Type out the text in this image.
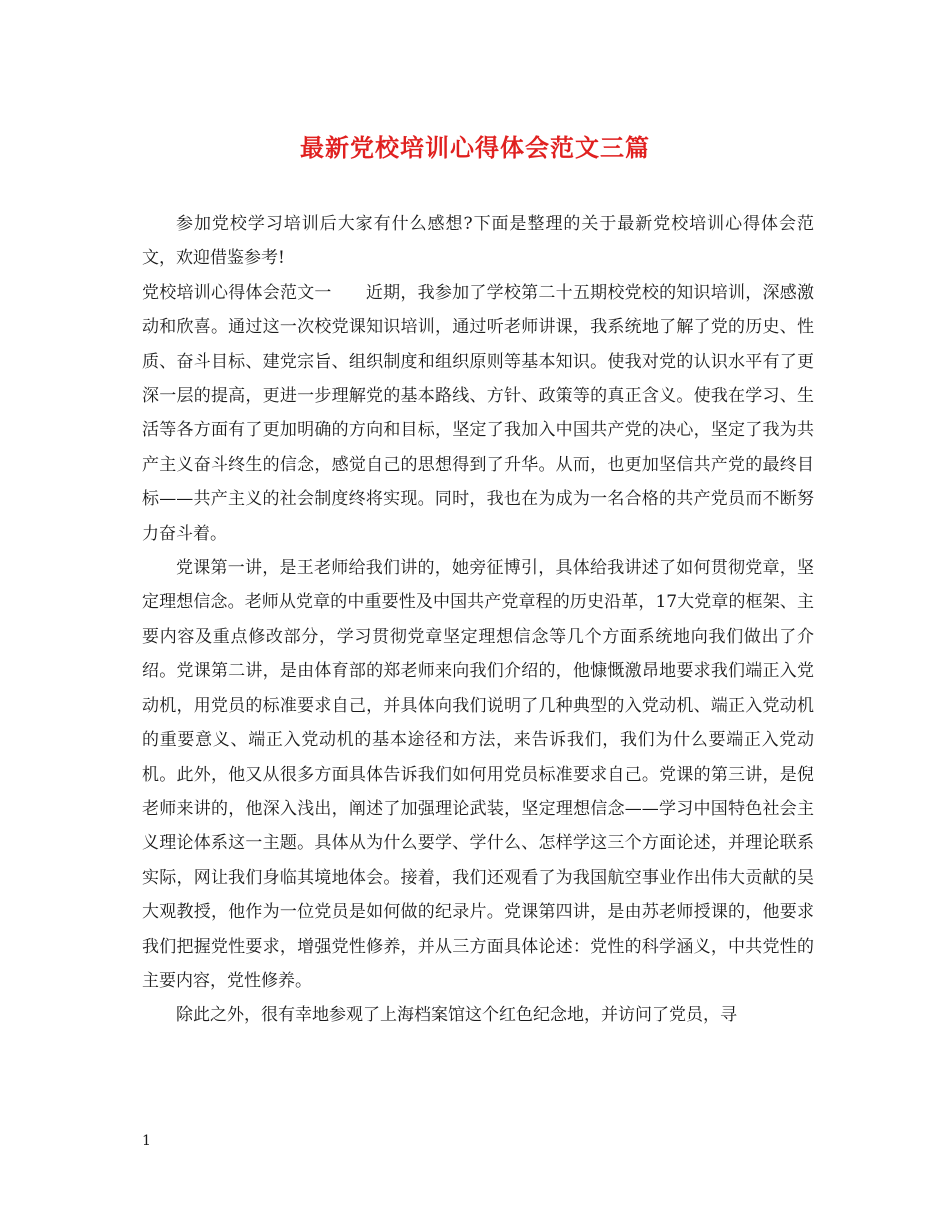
最新党校培训心得体会范文三篇

参加党校学习培训后大家有什么感想?下面是整理的关于最新党校培训心得体会范文，欢迎借鉴参考!

党校培训心得体会范文一   近期，我参加了学校第二十五期校党校的知识培训，深感激动和欣喜。通过这一次校党课知识培训，通过听老师讲课，我系统地了解了党的历史、性质、奋斗目标、建党宗旨、组织制度和组织原则等基本知识。使我对党的认识水平有了更深一层的提高，更进一步理解党的基本路线、方针、政策等的真正含义。使我在学习、生活等各方面有了更加明确的方向和目标，坚定了我加入中国共产党的决心，坚定了我为共产主义奋斗终生的信念，感觉自己的思想得到了升华。从而，也更加坚信共产党的最终目标——共产主义的社会制度终将实现。同时，我也在为成为一名合格的共产党员而不断努力奋斗着。

党课第一讲，是王老师给我们讲的，她旁征博引，具体给我讲述了如何贯彻党章，坚定理想信念。老师从党章的中重要性及中国共产党章程的历史沿革，17大党章的框架、主要内容及重点修改部分，学习贯彻党章坚定理想信念等几个方面系统地向我们做出了介绍。党课第二讲，是由体育部的郑老师来向我们介绍的，他慷慨激昂地要求我们端正入党动机，用党员的标准要求自己，并具体向我们说明了几种典型的入党动机、端正入党动机的重要意义、端正入党动机的基本途径和方法，来告诉我们，我们为什么要端正入党动机。此外，他又从很多方面具体告诉我们如何用党员标准要求自己。党课的第三讲，是倪老师来讲的，他深入浅出，阐述了加强理论武装，坚定理想信念——学习中国特色社会主义理论体系这一主题。具体从为什么要学、学什么、怎样学这三个方面论述，并理论联系实际，网让我们身临其境地体会。接着，我们还观看了为我国航空事业作出伟大贡献的吴大观教授，他作为一位党员是如何做的纪录片。党课第四讲，是由苏老师授课的，他要求我们把握党性要求，增强党性修养，并从三方面具体论述：党性的科学涵义，中共党性的主要内容，党性修养。

除此之外，很有幸地参观了上海档案馆这个红色纪念地，并访问了党员，寻

1
